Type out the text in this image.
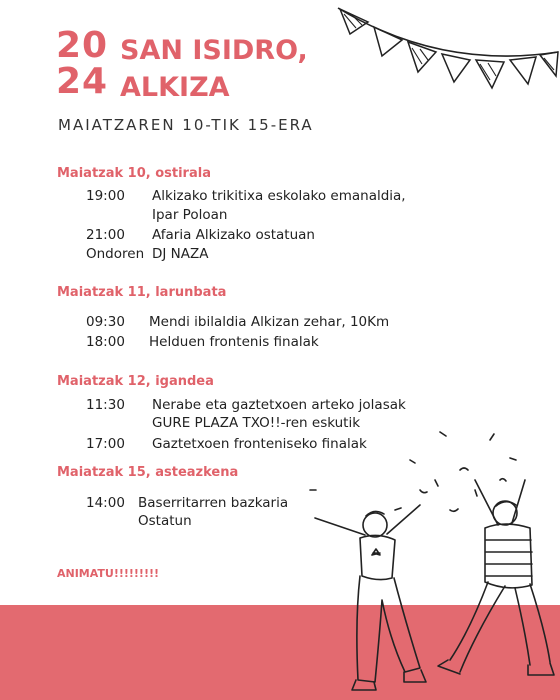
20
24
SAN ISIDRO,
ALKIZA
MAIATZAREN 10-TIK 15-ERA
Maiatzak 10, ostirala
19:00 Alkizako trikitixa eskolako emanaldia,
Ipar Poloan
21:00 Afaria Alkizako ostatuan
Ondoren DJ NAZA
Maiatzak 11, larunbata
09:30 Mendi ibilaldia Alkizan zehar, 10Km
18:00 Helduen frontenis finalak
Maiatzak 12, igandea
11:30 Nerabe eta gaztetxoen arteko jolasak
GURE PLAZA TXO!!-ren eskutik
17:00 Gaztetxoen fronteniseko finalak
Maiatzak 15, asteazkena
14:00 Baserritarren bazkaria
Ostatun
ANIMATU!!!!!!!!!
